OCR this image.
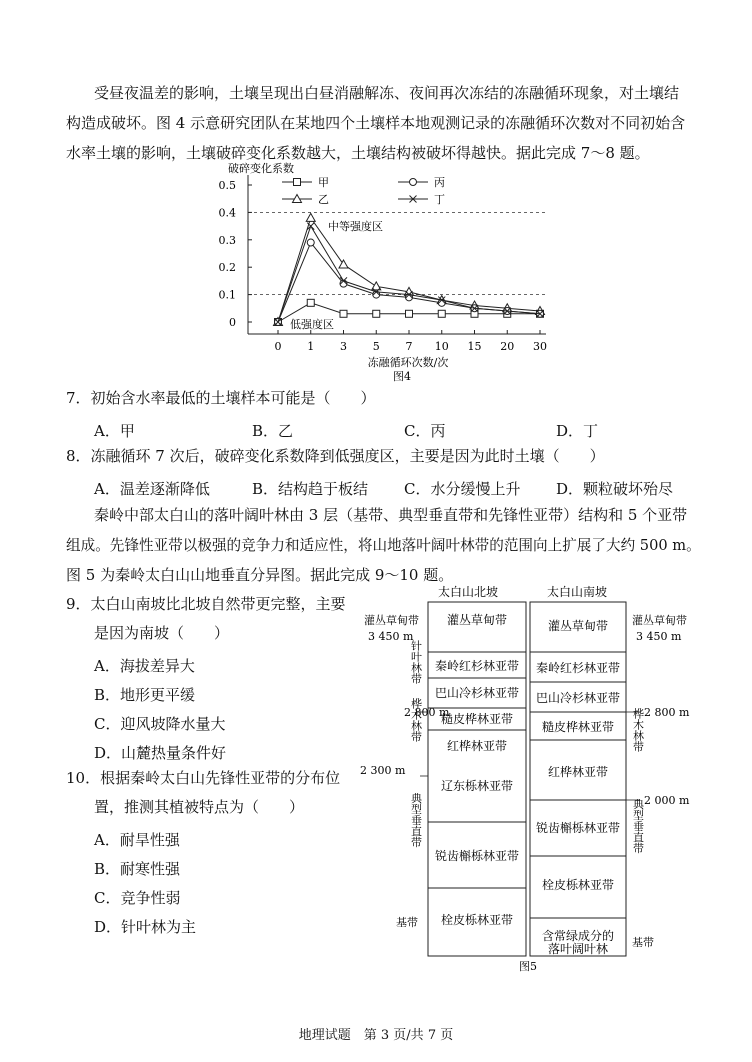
受昼夜温差的影响，土壤呈现出白昼消融解冻、夜间再次冻结的冻融循环现象，对土壤结
构造成破坏。图 4 示意研究团队在某地四个土壤样本地观测记录的冻融循环次数对不同初始含
水率土壤的影响，土壤破碎变化系数越大，土壤结构被破坏得越快。据此完成 7～8 题。
破碎变化系数
0.5
0.4
0.3
0.2
0.1
0
0 1 3 5 7 10 15 20 30
冻融循环次数/次
图4
中等强度区
低强度区
甲	丙
乙	丁
7．初始含水率最低的土壤样本可能是（　　）
A．甲	B．乙	C．丙	D．丁
8．冻融循环 7 次后，破碎变化系数降到低强度区，主要是因为此时土壤（　　）
A．温差逐渐降低	B．结构趋于板结 C．水分缓慢上升 D．颗粒破坏殆尽
秦岭中部太白山的落叶阔叶林由 3 层（基带、典型垂直带和先锋性亚带）结构和 5 个亚带
组成。先锋性亚带以极强的竞争力和适应性，将山地落叶阔叶林带的范围向上扩展了大约 500 m。
图 5 为秦岭太白山山地垂直分异图。据此完成 9～10 题。
9．太白山南坡比北坡自然带更完整，主要
是因为南坡（　　）
A．海拔差异大
B．地形更平缓
C．迎风坡降水量大
D．山麓热量条件好
10．根据秦岭太白山先锋性亚带的分布位
置，推测其植被特点为（　　）
A．耐旱性强
B．耐寒性强
C．竞争性弱
D．针叶林为主
太白山北坡	太白山南坡
灌丛草甸带
秦岭红杉林亚带
巴山冷杉林亚带
糙皮桦林亚带
红桦林亚带
辽东栎林亚带
锐齿槲栎林亚带
栓皮栎林亚带
灌丛草甸带
秦岭红杉林亚带
巴山冷杉林亚带
糙皮桦林亚带
红桦林亚带
锐齿槲栎林亚带
栓皮栎林亚带
含常绿成分的
落叶阔叶林
灌丛草甸带
3 450 m
2 800 m
2 300 m
基带
针叶林带
桦木林带
典型垂直带
灌丛草甸带
3 450 m
2 800 m
2 000 m
基带
桦木林带
典型垂直带
图5
地理试题　第 3 页/共 7 页
